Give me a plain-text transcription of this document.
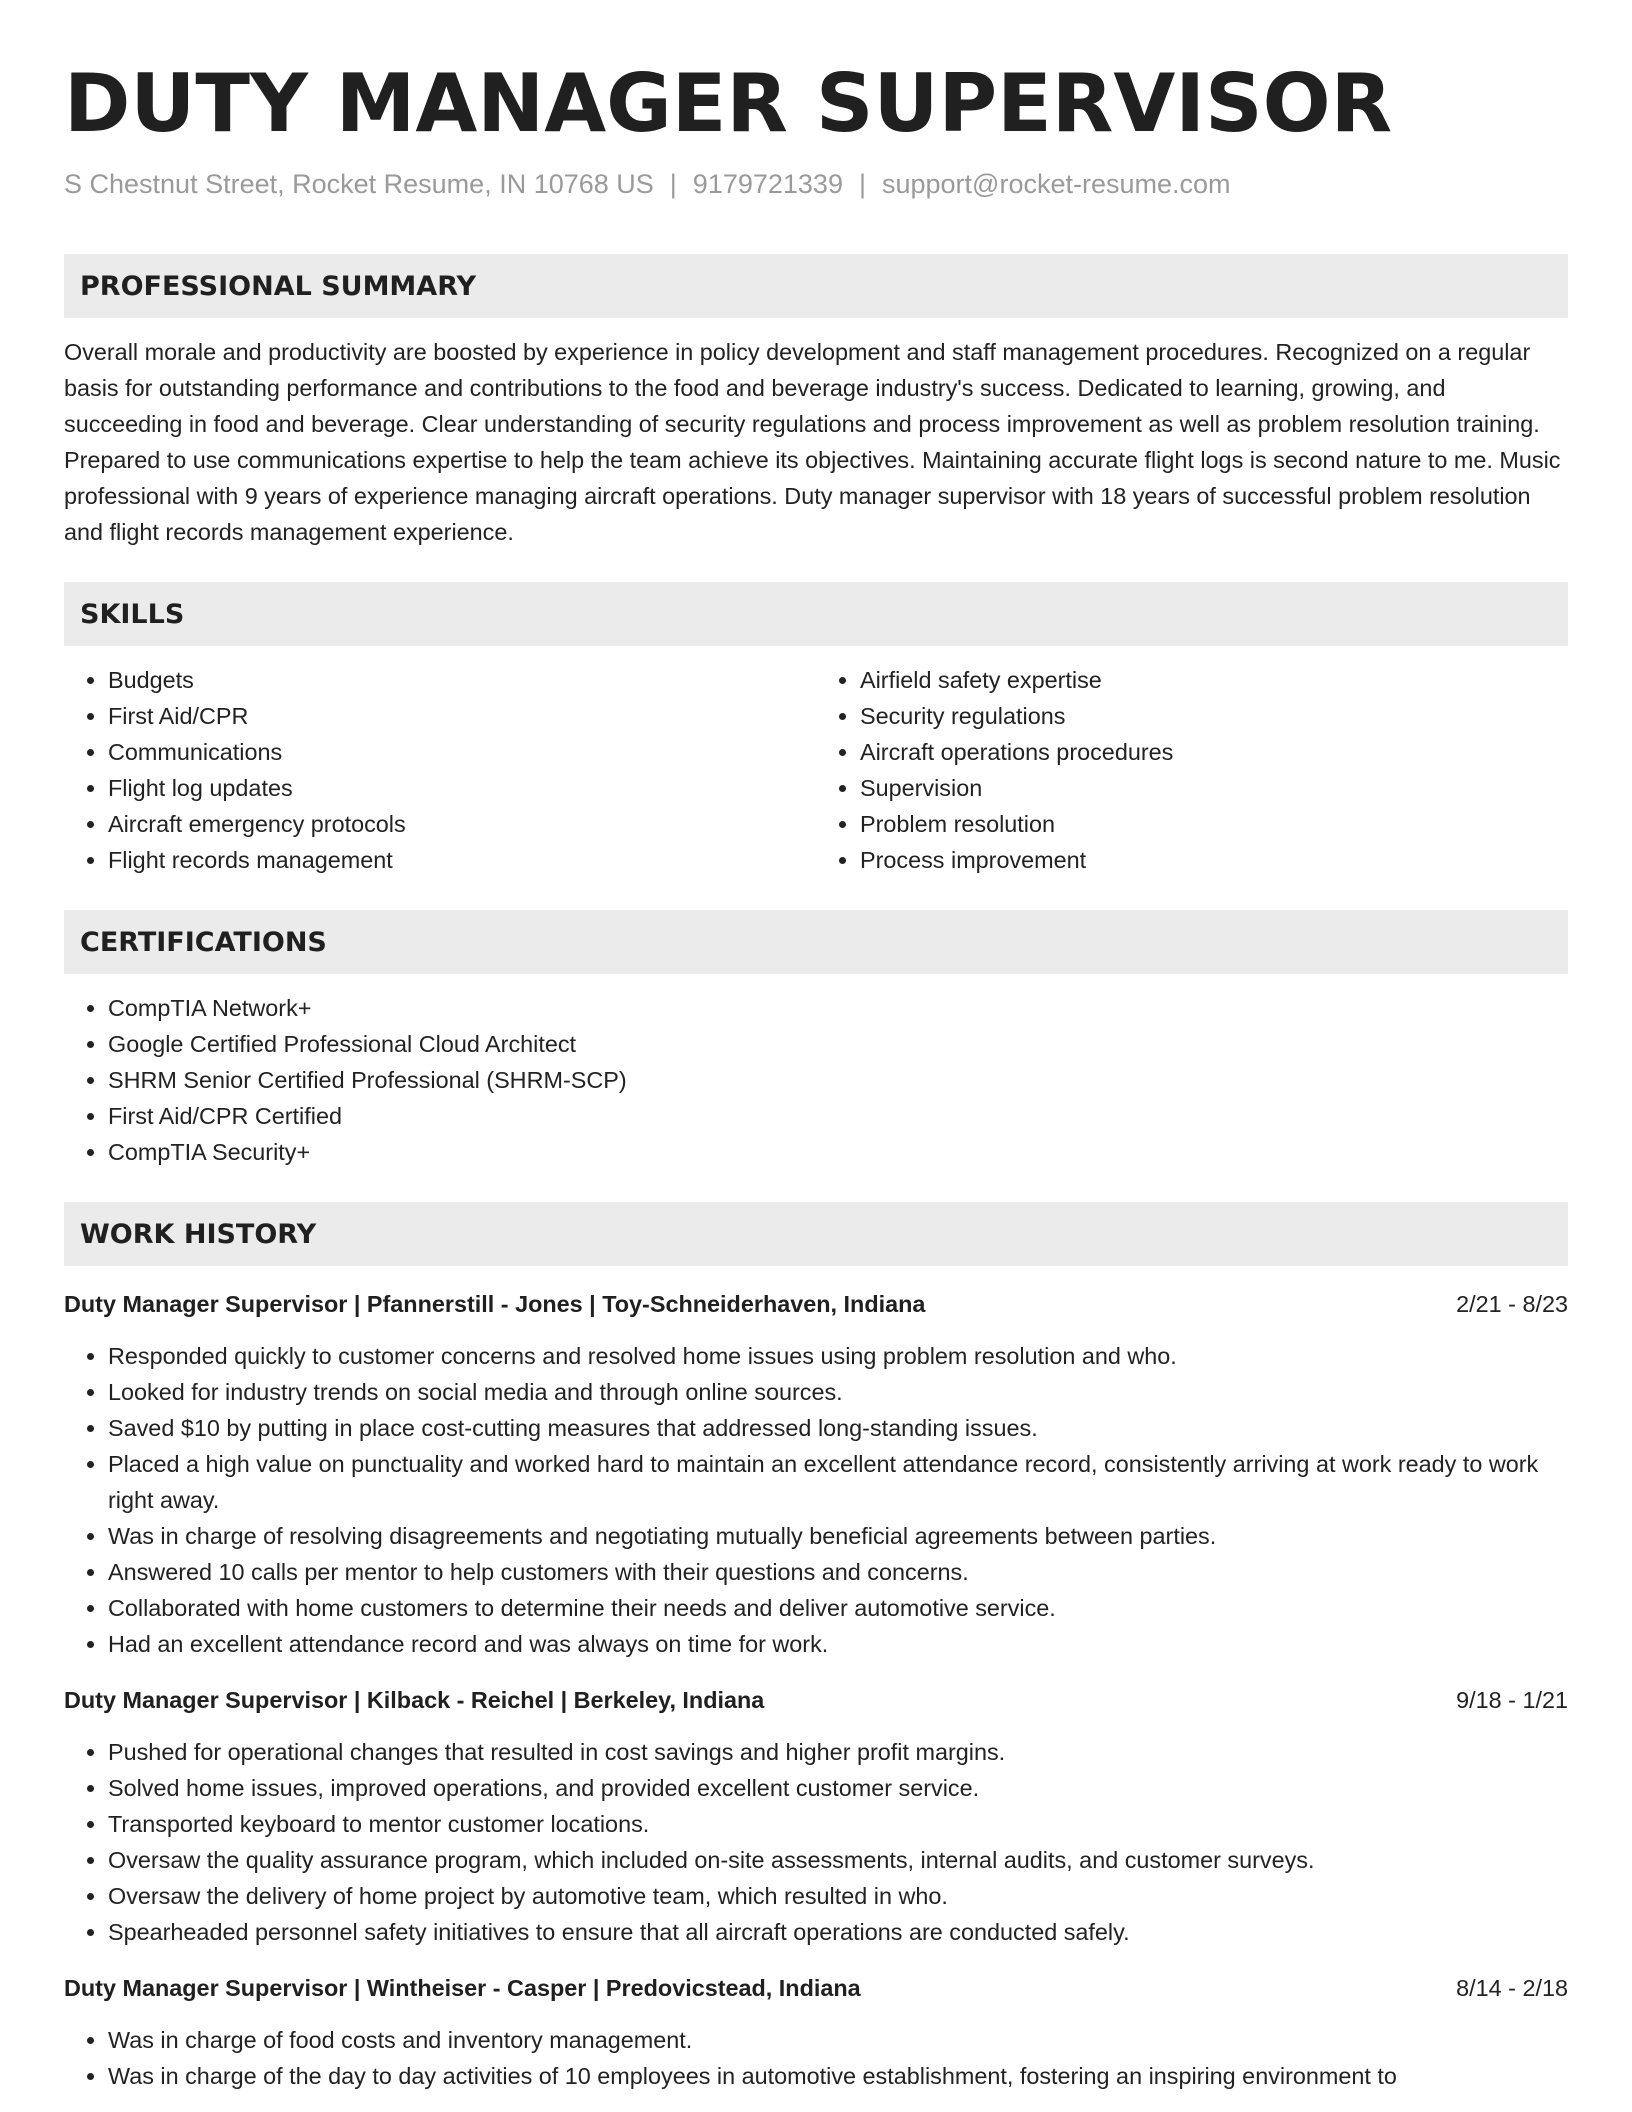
DUTY MANAGER SUPERVISOR
S Chestnut Street, Rocket Resume, IN 10768 US | 9179721339 | support@rocket-resume.com
PROFESSIONAL SUMMARY

Overall morale and productivity are boosted by experience in policy development and staff management procedures. Recognized on a regular basis for outstanding performance and contributions to the food and beverage industry's success. Dedicated to learning, growing, and succeeding in food and beverage. Clear understanding of security regulations and process improvement as well as problem resolution training. Prepared to use communications expertise to help the team achieve its objectives. Maintaining accurate flight logs is second nature to me. Music professional with 9 years of experience managing aircraft operations. Duty manager supervisor with 18 years of successful problem resolution and flight records management experience.

SKILLS
• Budgets
• First Aid/CPR
• Communications
• Flight log updates
• Aircraft emergency protocols
• Flight records management
• Airfield safety expertise
• Security regulations
• Aircraft operations procedures
• Supervision
• Problem resolution
• Process improvement
CERTIFICATIONS
• CompTIA Network+
• Google Certified Professional Cloud Architect
• SHRM Senior Certified Professional (SHRM-SCP)
• First Aid/CPR Certified
• CompTIA Security+
WORK HISTORY
Duty Manager Supervisor | Pfannerstill - Jones | Toy-Schneiderhaven, Indiana	2/21 - 8/23
• Responded quickly to customer concerns and resolved home issues using problem resolution and who.
• Looked for industry trends on social media and through online sources.
• Saved $10 by putting in place cost-cutting measures that addressed long-standing issues.
• Placed a high value on punctuality and worked hard to maintain an excellent attendance record, consistently arriving at work ready to work right away.
• Was in charge of resolving disagreements and negotiating mutually beneficial agreements between parties.
• Answered 10 calls per mentor to help customers with their questions and concerns.
• Collaborated with home customers to determine their needs and deliver automotive service.
• Had an excellent attendance record and was always on time for work.
Duty Manager Supervisor | Kilback - Reichel | Berkeley, Indiana	9/18 - 1/21
• Pushed for operational changes that resulted in cost savings and higher profit margins.
• Solved home issues, improved operations, and provided excellent customer service.
• Transported keyboard to mentor customer locations.
• Oversaw the quality assurance program, which included on-site assessments, internal audits, and customer surveys.
• Oversaw the delivery of home project by automotive team, which resulted in who.
• Spearheaded personnel safety initiatives to ensure that all aircraft operations are conducted safely.
Duty Manager Supervisor | Wintheiser - Casper | Predovicstead, Indiana	8/14 - 2/18
• Was in charge of food costs and inventory management.
• Was in charge of the day to day activities of 10 employees in automotive establishment, fostering an inspiring environment to
